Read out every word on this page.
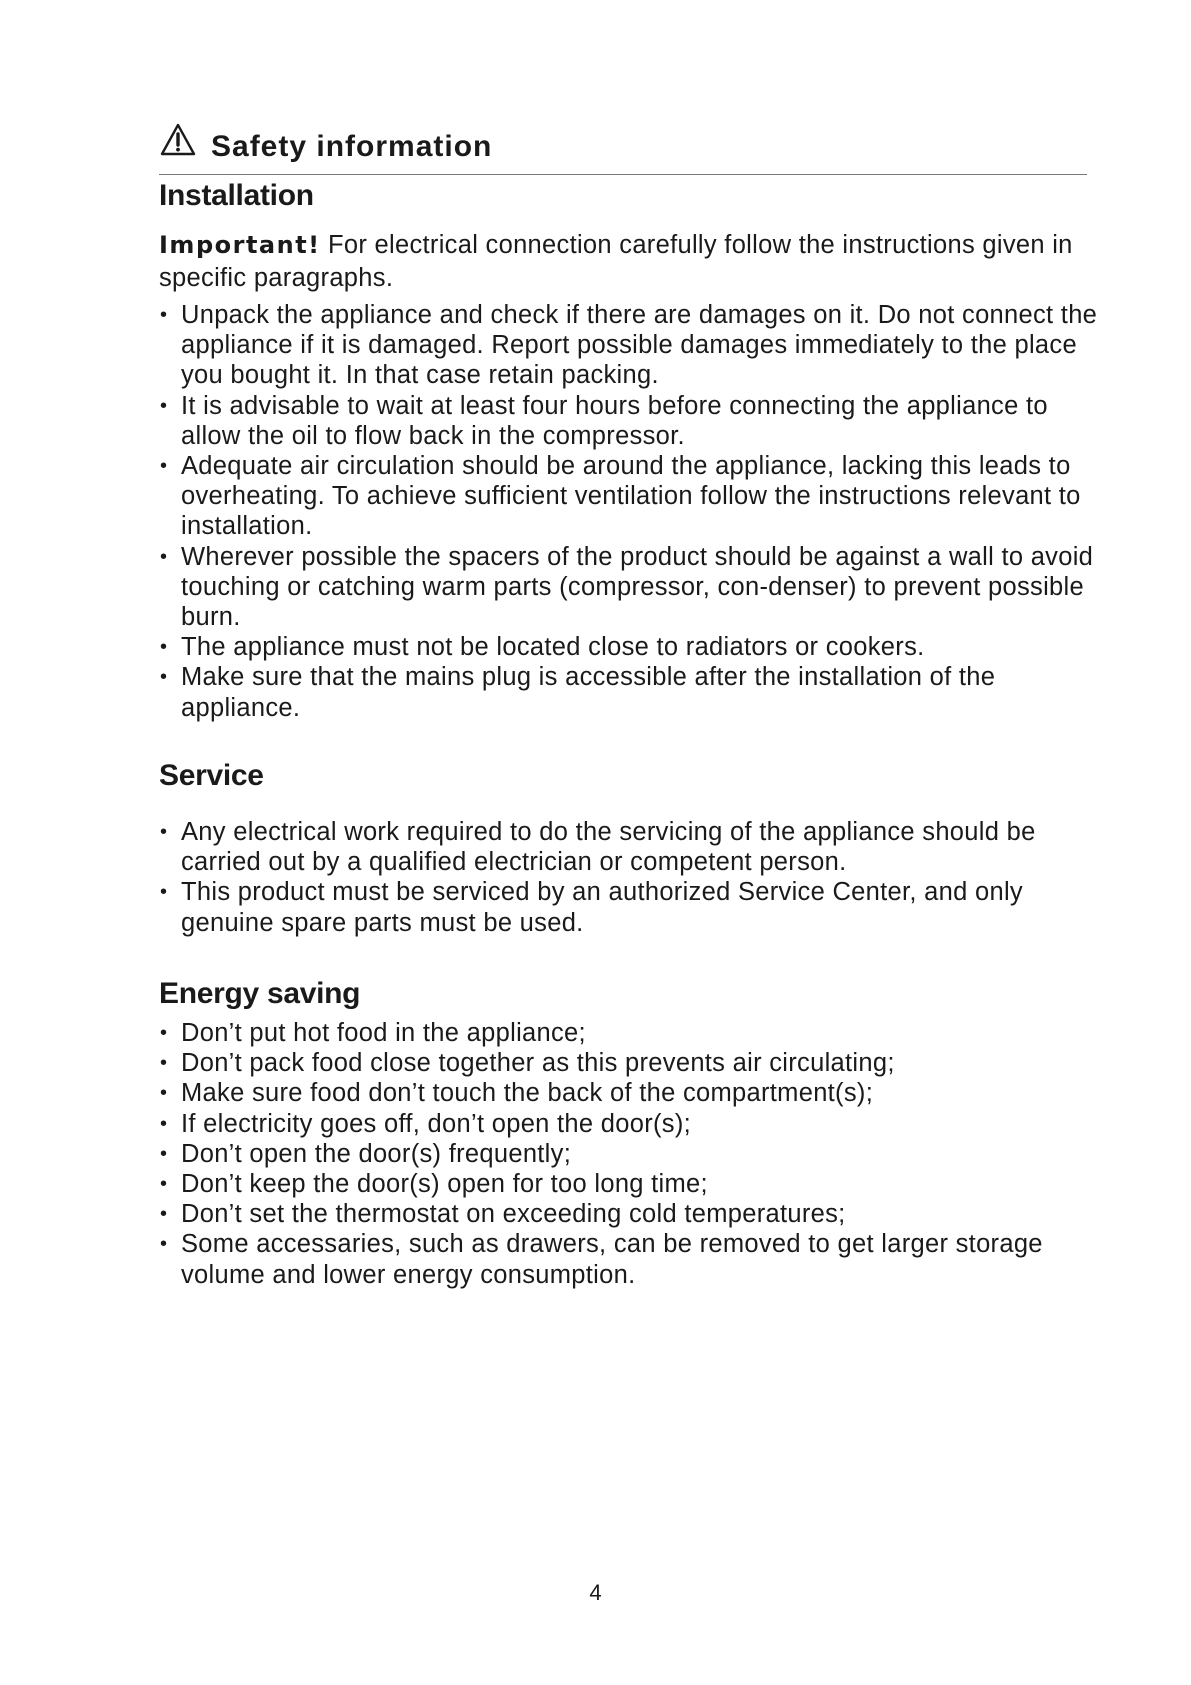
Safety information
Installation
Important! For electrical connection carefully follow the instructions given in specific paragraphs.
• Unpack the appliance and check if there are damages on it. Do not connect the appliance if it is damaged. Report possible damages immediately to the place you bought it. In that case retain packing.
• It is advisable to wait at least four hours before connecting the appliance to allow the oil to flow back in the compressor.
• Adequate air circulation should be around the appliance, lacking this leads to overheating. To achieve sufficient ventilation follow the instructions relevant to installation.
• Wherever possible the spacers of the product should be against a wall to avoid touching or catching warm parts (compressor, con-denser) to prevent possible burn.
• The appliance must not be located close to radiators or cookers.
• Make sure that the mains plug is accessible after the installation of the appliance.
Service
• Any electrical work required to do the servicing of the appliance should be carried out by a qualified electrician or competent person.
• This product must be serviced by an authorized Service Center, and only genuine spare parts must be used.
Energy saving
• Don’t put hot food in the appliance;
• Don’t pack food close together as this prevents air circulating;
• Make sure food don’t touch the back of the compartment(s);
• If electricity goes off, don’t open the door(s);
• Don’t open the door(s) frequently;
• Don’t keep the door(s) open for too long time;
• Don’t set the thermostat on exceeding cold temperatures;
• Some accessaries, such as drawers, can be removed to get larger storage volume and lower energy consumption.
4
